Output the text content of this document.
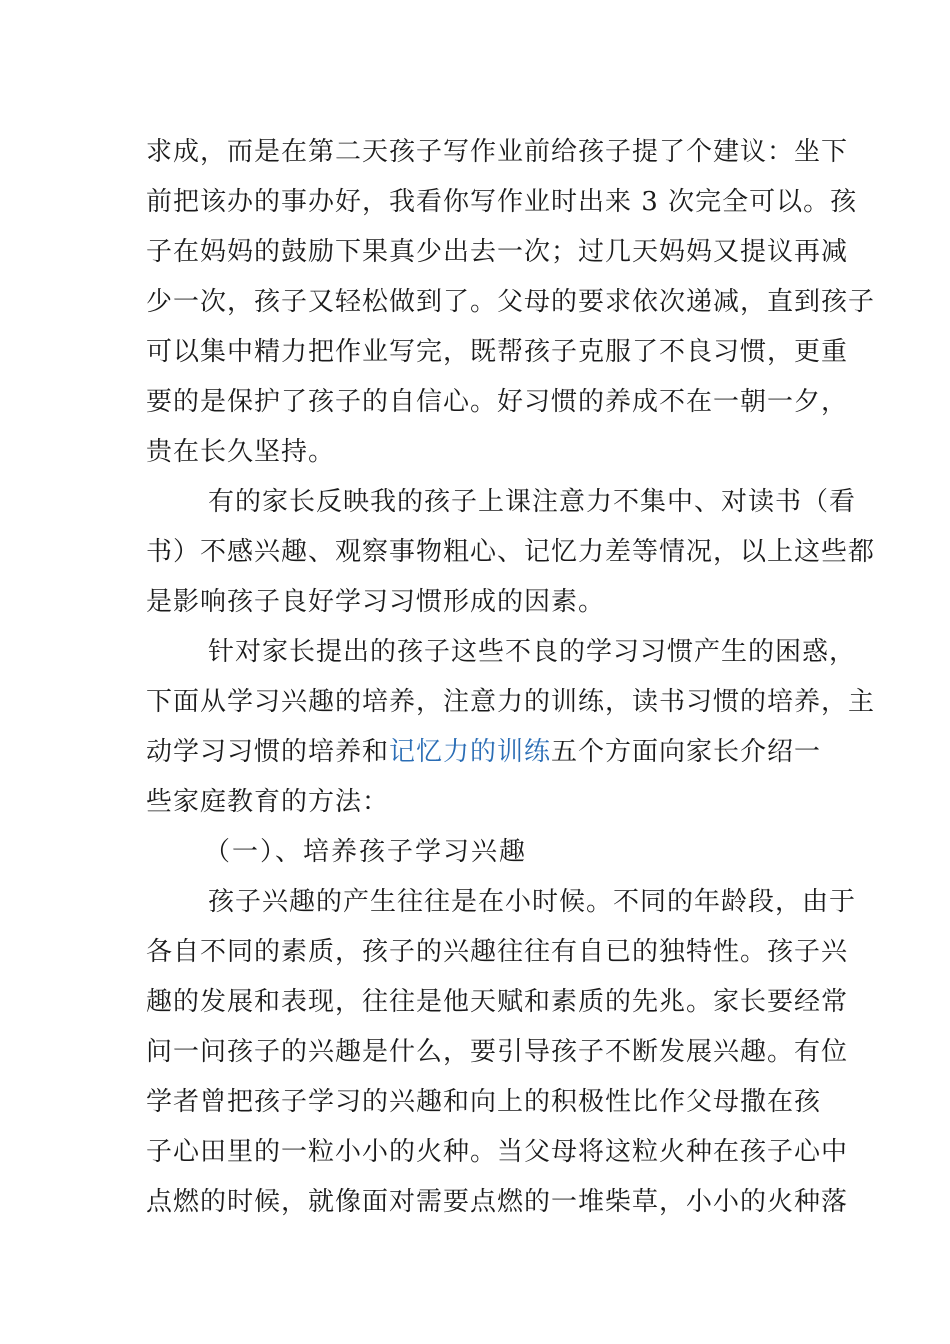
求成，而是在第二天孩子写作业前给孩子提了个建议：坐下
前把该办的事办好，我看你写作业时出来 3 次完全可以。孩
子在妈妈的鼓励下果真少出去一次；过几天妈妈又提议再减
少一次，孩子又轻松做到了。父母的要求依次递减，直到孩子
可以集中精力把作业写完，既帮孩子克服了不良习惯，更重
要的是保护了孩子的自信心。好习惯的养成不在一朝一夕，
贵在长久坚持。
有的家长反映我的孩子上课注意力不集中、对读书（看
书）不感兴趣、观察事物粗心、记忆力差等情况，以上这些都
是影响孩子良好学习习惯形成的因素。
针对家长提出的孩子这些不良的学习习惯产生的困惑，
下面从学习兴趣的培养，注意力的训练，读书习惯的培养，主
动学习习惯的培养和记忆力的训练五个方面向家长介绍一
些家庭教育的方法：
（一）、培养孩子学习兴趣
孩子兴趣的产生往往是在小时候。不同的年龄段，由于
各自不同的素质，孩子的兴趣往往有自已的独特性。孩子兴
趣的发展和表现，往往是他天赋和素质的先兆。家长要经常
问一问孩子的兴趣是什么，要引导孩子不断发展兴趣。有位
学者曾把孩子学习的兴趣和向上的积极性比作父母撒在孩
子心田里的一粒小小的火种。当父母将这粒火种在孩子心中
点燃的时候，就像面对需要点燃的一堆柴草，小小的火种落
